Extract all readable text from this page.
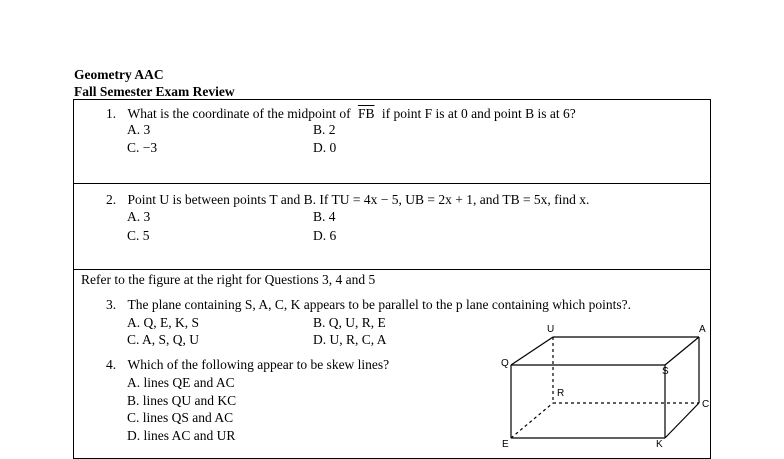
Geometry AAC
Fall Semester Exam Review
1. What is the coordinate of the midpoint of $\overline{FB}$ if point F is at 0 and point B is at 6?
A. 3	B. 2
C. −3	D. 0
2. Point U is between points T and B. If TU = 4x − 5, UB = 2x + 1, and TB = 5x, find x.
A. 3	B. 4
C. 5	D. 6
Refer to the figure at the right for Questions 3, 4 and 5
3. The plane containing S, A, C, K appears to be parallel to the p lane containing which points?.
A. Q, E, K, S	B. Q, U, R, E
C. A, S, Q, U	D. U, R, C, A
4. Which of the following appear to be skew lines?
A. lines QE and AC
B. lines QU and KC
C. lines QS and AC
D. lines AC and UR
U	A
Q
S
R
C
E	K
